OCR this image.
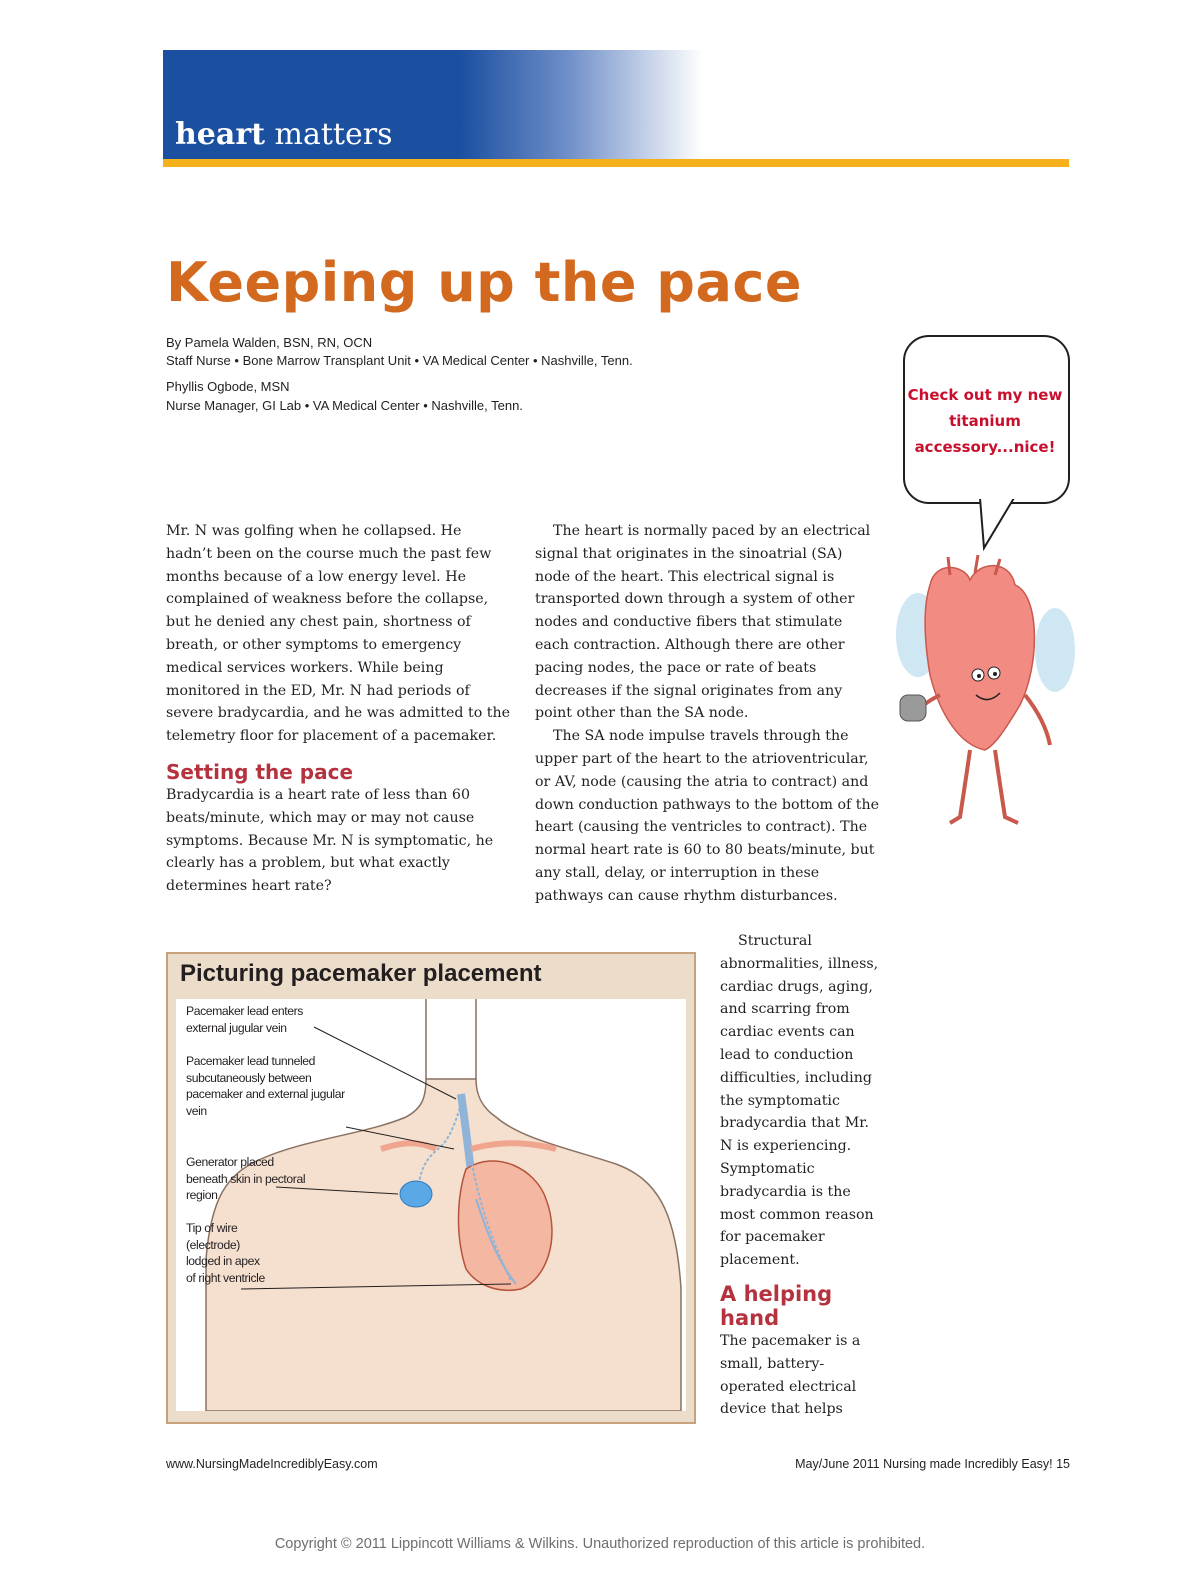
heart matters
Keeping up the pace
By Pamela Walden, BSN, RN, OCN
Staff Nurse • Bone Marrow Transplant Unit • VA Medical Center • Nashville, Tenn.
Phyllis Ogbode, MSN
Nurse Manager, GI Lab • VA Medical Center • Nashville, Tenn.
Check out my new titanium accessory...nice!

Mr. N was golfing when he collapsed. He hadn’t been on the course much the past few months because of a low energy level. He complained of weakness before the collapse, but he denied any chest pain, shortness of breath, or other symptoms to emergency medical services workers. While being monitored in the ED, Mr. N had periods of severe bradycardia, and he was admitted to the telemetry floor for placement of a pacemaker.

Setting the pace

Bradycardia is a heart rate of less than 60 beats/minute, which may or may not cause symptoms. Because Mr. N is symptomatic, he clearly has a problem, but what exactly determines heart rate?

The heart is normally paced by an electrical signal that originates in the sinoatrial (SA) node of the heart. This electrical signal is transported down through a system of other nodes and conductive fibers that stimulate each contraction. Although there are other pacing nodes, the pace or rate of beats decreases if the signal originates from any point other than the SA node.

The SA node impulse travels through the upper part of the heart to the atrioventricular, or AV, node (causing the atria to contract) and down conduction pathways to the bottom of the heart (causing the ventricles to contract). The normal heart rate is 60 to 80 beats/minute, but any stall, delay, or interruption in these pathways can cause rhythm disturbances.

Structural abnormalities, illness, cardiac drugs, aging, and scarring from cardiac events can lead to conduction difficulties, including the symptomatic bradycardia that Mr. N is experiencing. Symptomatic bradycardia is the most common reason for pacemaker placement.

A helping hand

The pacemaker is a small, battery-operated electrical device that helps

Picturing pacemaker placement
Pacemaker lead enters external jugular vein
Pacemaker lead tunneled subcutaneously between pacemaker and external jugular vein
Generator placed beneath skin in pectoral region
Tip of wire (electrode) lodged in apex of right ventricle
www.NursingMadeIncrediblyEasy.com	May/June 2011 Nursing made Incredibly Easy! 15
Copyright © 2011 Lippincott Williams & Wilkins. Unauthorized reproduction of this article is prohibited.
